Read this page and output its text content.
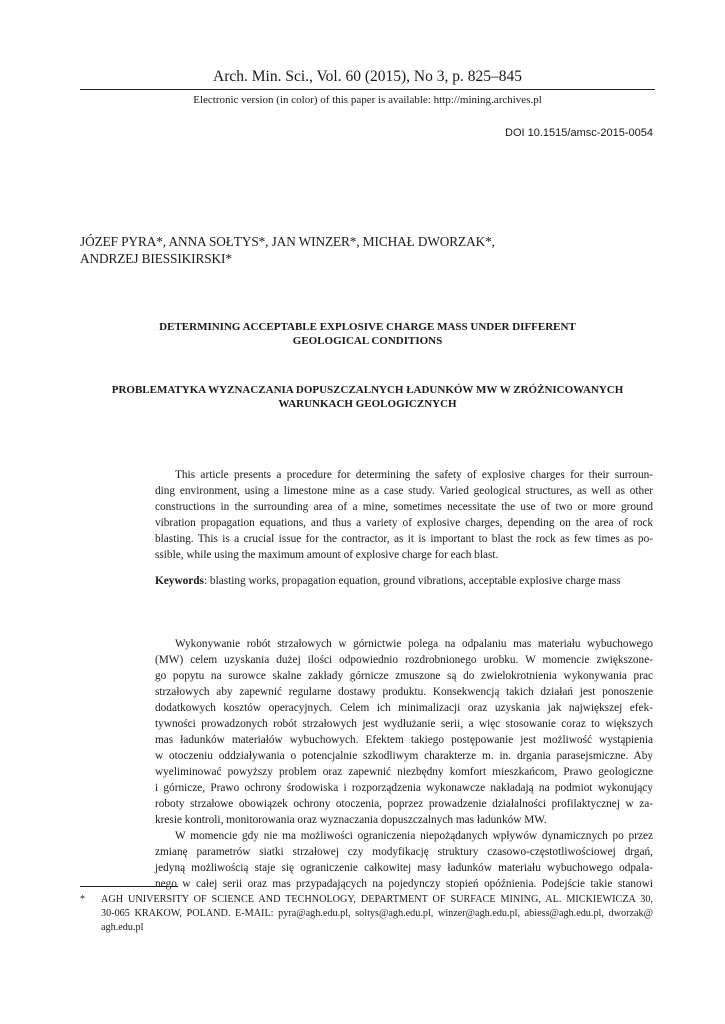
Arch. Min. Sci., Vol. 60 (2015), No 3, p. 825–845
Electronic version (in color) of this paper is available: http://mining.archives.pl
DOI 10.1515/amsc-2015-0054
JÓZEF PYRA*, ANNA SOŁTYS*, JAN WINZER*, MICHAŁ DWORZAK*,
ANDRZEJ BIESSIKIRSKI*
DETERMINING ACCEPTABLE EXPLOSIVE CHARGE MASS UNDER DIFFERENT
GEOLOGICAL CONDITIONS
PROBLEMATYKA WYZNACZANIA DOPUSZCZALNYCH ŁADUNKÓW MW W ZRÓŻNICOWANYCH
WARUNKACH GEOLOGICZNYCH
This article presents a procedure for determining the safety of explosive charges for their surroun-
ding environment, using a limestone mine as a case study. Varied geological structures, as well as other
constructions in the surrounding area of a mine, sometimes necessitate the use of two or more ground
vibration propagation equations, and thus a variety of explosive charges, depending on the area of rock
blasting. This is a crucial issue for the contractor, as it is important to blast the rock as few times as po-
ssible, while using the maximum amount of explosive charge for each blast.
Keywords: blasting works, propagation equation, ground vibrations, acceptable explosive charge mass
Wykonywanie robót strzałowych w górnictwie polega na odpalaniu mas materiału wybuchowego
(MW) celem uzyskania dużej ilości odpowiednio rozdrobnionego urobku. W momencie zwiększone-
go popytu na surowce skalne zakłady górnicze zmuszone są do zwielokrotnienia wykonywania prac
strzałowych aby zapewnić regularne dostawy produktu. Konsekwencją takich działań jest ponoszenie
dodatkowych kosztów operacyjnych. Celem ich minimalizacji oraz uzyskania jak największej efek-
tywności prowadzonych robót strzałowych jest wydłużanie serii, a więc stosowanie coraz to większych
mas ładunków materiałów wybuchowych. Efektem takiego postępowanie jest możliwość wystąpienia
w otoczeniu oddziaływania o potencjalnie szkodliwym charakterze m. in. drgania parasejsmiczne. Aby
wyeliminować powyższy problem oraz zapewnić niezbędny komfort mieszkańcom, Prawo geologiczne
i górnicze, Prawo ochrony środowiska i rozporządzenia wykonawcze nakładają na podmiot wykonujący
roboty strzałowe obowiązek ochrony otoczenia, poprzez prowadzenie działalności profilaktycznej w za-
kresie kontroli, monitorowania oraz wyznaczania dopuszczalnych mas ładunków MW.
W momencie gdy nie ma możliwości ograniczenia niepożądanych wpływów dynamicznych po przez
zmianę parametrów siatki strzałowej czy modyfikację struktury czasowo-częstotliwościowej drgań,
jedyną możliwością staje się ograniczenie całkowitej masy ładunków materiału wybuchowego odpala-
nego w całej serii oraz mas przypadających na pojedynczy stopień opóźnienia. Podejście takie stanowi
* AGH UNIVERSITY OF SCIENCE AND TECHNOLOGY, DEPARTMENT OF SURFACE MINING, AL. MICKIEWICZA 30,
30-065 KRAKOW, POLAND. E-MAIL: pyra@agh.edu.pl, soltys@agh.edu.pl, winzer@agh.edu.pl, abiess@agh.edu.pl, dworzak@
agh.edu.pl
